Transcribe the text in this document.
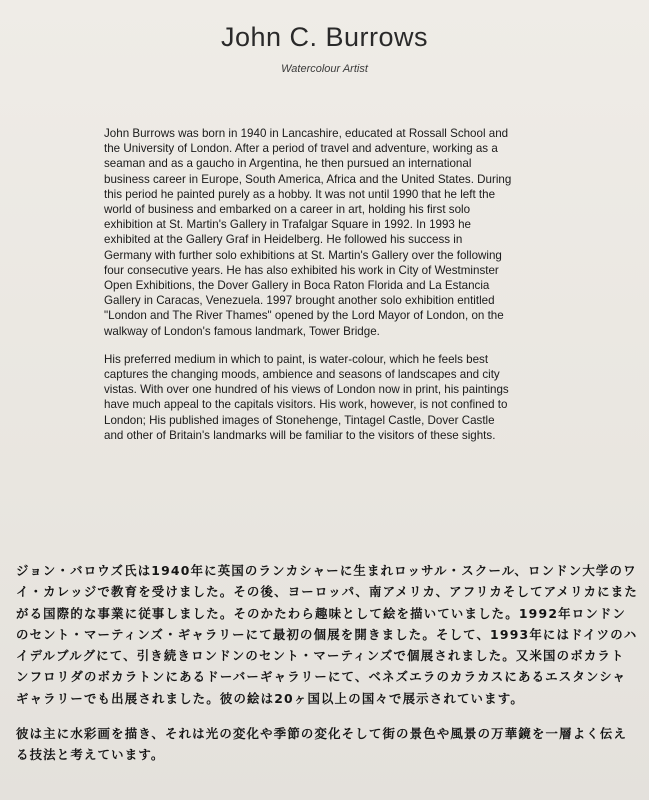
John C. Burrows
Watercolour Artist

John Burrows was born in 1940 in Lancashire, educated at Rossall School and the University of London. After a period of travel and adventure, working as a seaman and as a gaucho in Argentina, he then pursued an international business career in Europe, South America, Africa and the United States. During this period he painted purely as a hobby. It was not until 1990 that he left the world of business and embarked on a career in art, holding his first solo exhibition at St. Martin's Gallery in Trafalgar Square in 1992. In 1993 he exhibited at the Gallery Graf in Heidelberg. He followed his success in Germany with further solo exhibitions at St. Martin's Gallery over the following four consecutive years. He has also exhibited his work in City of Westminster Open Exhibitions, the Dover Gallery in Boca Raton Florida and La Estancia Gallery in Caracas, Venezuela. 1997 brought another solo exhibition entitled "London and The River Thames" opened by the Lord Mayor of London, on the walkway of London's famous landmark, Tower Bridge.

His preferred medium in which to paint, is water-colour, which he feels best captures the changing moods, ambience and seasons of landscapes and city vistas. With over one hundred of his views of London now in print, his paintings have much appeal to the capitals visitors. His work, however, is not confined to London; His published images of Stonehenge, Tintagel Castle, Dover Castle and other of Britain's landmarks will be familiar to the visitors of these sights.

ジョン・バロウズ氏は1940年に英国のランカシャーに生まれロッサル・スクール、ロンドン大学のワイ・カレッジで教育を受けました。その後、ヨーロッパ、南アメリカ、アフリカそしてアメリカにまたがる国際的な事業に従事しました。そのかたわら趣味として絵を描いていました。1992年ロンドンのセント・マーティンズ・ギャラリーにて最初の個展を開きました。そして、1993年にはドイツのハイデルブルグにて、引き続きロンドンのセント・マーティンズで個展されました。又米国のボカラトンフロリダのボカラトンにあるドーバーギャラリーにて、ベネズエラのカラカスにあるエスタンシャギャラリーでも出展されました。彼の絵は20ヶ国以上の国々で展示されています。

彼は主に水彩画を描き、それは光の変化や季節の変化そして街の景色や風景の万華鏡を一層よく伝える技法と考えています。
